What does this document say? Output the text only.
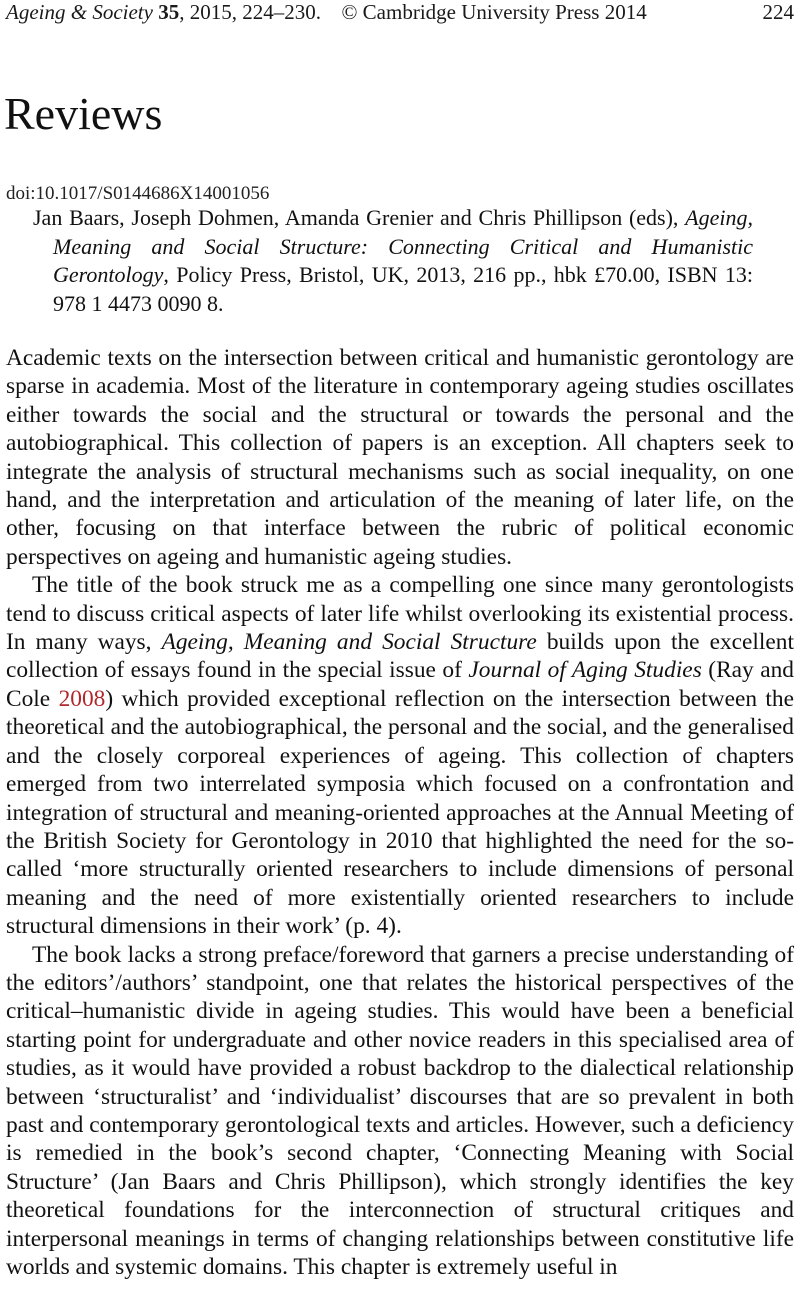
Ageing & Society 35, 2015, 224–230. © Cambridge University Press 2014	224
Reviews
doi:10.1017/S0144686X14001056
Jan Baars, Joseph Dohmen, Amanda Grenier and Chris Phillipson (eds), Ageing, Meaning and Social Structure: Connecting Critical and Humanistic Gerontology, Policy Press, Bristol, UK, 2013, 216 pp., hbk £70.00, ISBN 13: 978 1 4473 0090 8.

Academic texts on the intersection between critical and humanistic gerontology are sparse in academia. Most of the literature in contemporary ageing studies oscillates either towards the social and the structural or towards the personal and the autobiographical. This collection of papers is an exception. All chapters seek to integrate the analysis of structural mechanisms such as social inequality, on one hand, and the interpretation and articulation of the meaning of later life, on the other, focusing on that interface between the rubric of political economic perspectives on ageing and humanistic ageing studies.

The title of the book struck me as a compelling one since many gerontologists tend to discuss critical aspects of later life whilst overlooking its existential process. In many ways, Ageing, Meaning and Social Structure builds upon the excellent collection of essays found in the special issue of Journal of Aging Studies (Ray and Cole 2008) which provided exceptional reflection on the intersection between the theoretical and the autobiographical, the personal and the social, and the generalised and the closely corporeal experiences of ageing. This collection of chapters emerged from two interrelated symposia which focused on a confrontation and integration of structural and meaning-oriented approaches at the Annual Meeting of the British Society for Gerontology in 2010 that highlighted the need for the so-called ‘more structurally oriented researchers to include dimensions of personal meaning and the need of more existentially oriented researchers to include structural dimensions in their work’ (p. 4).

The book lacks a strong preface/foreword that garners a precise understanding of the editors’/authors’ standpoint, one that relates the historical perspectives of the critical–humanistic divide in ageing studies. This would have been a beneficial starting point for undergraduate and other novice readers in this specialised area of studies, as it would have provided a robust backdrop to the dialectical relationship between ‘structuralist’ and ‘individualist’ discourses that are so prevalent in both past and contemporary gerontological texts and articles. However, such a deficiency is remedied in the book’s second chapter, ‘Connecting Meaning with Social Structure’ (Jan Baars and Chris Phillipson), which strongly identifies the key theoretical foundations for the interconnection of structural critiques and interpersonal meanings in terms of changing relationships between constitutive life worlds and systemic domains. This chapter is extremely useful in
